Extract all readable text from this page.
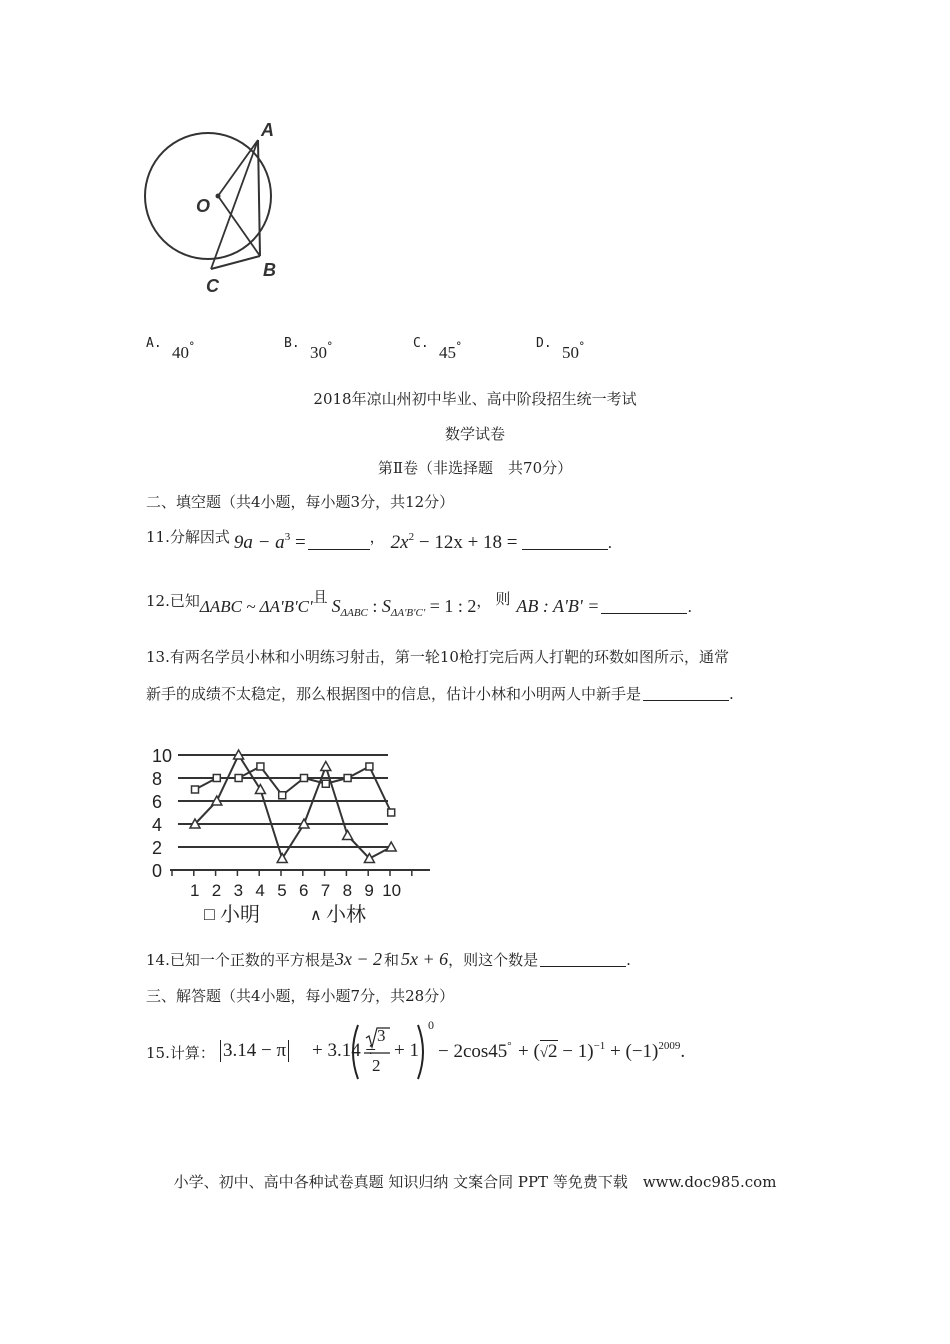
A
O
B
C
A. 40°	B. 30°	C. 45°	D. 50°
2018年凉山州初中毕业、高中阶段招生统一考试
数学试卷
第Ⅱ卷（非选择题　共70分）
二、填空题（共4小题，每小题3分，共12分）
11.分解因式 $9a - a^3$ =	， $2x^2 - 12x + 18$ =	.
12.已知ΔABC ~ ΔA'B'C'且 $S_{\Delta ABC}$ : $S_{\Delta A'B'C'} = 1$ : 2， 则 AB : A'B' =	.
13.有两名学员小林和小明练习射击，第一轮10枪打完后两人打靶的环数如图所示，通常
新手的成绩不太稳定，那么根据图中的信息，估计小林和小明两人中新手是	.
0
2
4
6
8
10
1 2 3 4 5 6 7 8 9 10
□ 小明	∧ 小林
14.已知一个正数的平方根是3x − 2 和 5x + 6，则这个数是	.
三、解答题（共4小题，每小题7分，共28分）
15.计算： 3.14 − π + 3.14 ÷
3
2
+ 1
0
− $2\cos 45^\circ + (√2 - 1)^{-1} + (-1)^{2009}$.
小学、初中、高中各种试卷真题 知识归纳 文案合同 PPT 等免费下载　www.doc985.com
